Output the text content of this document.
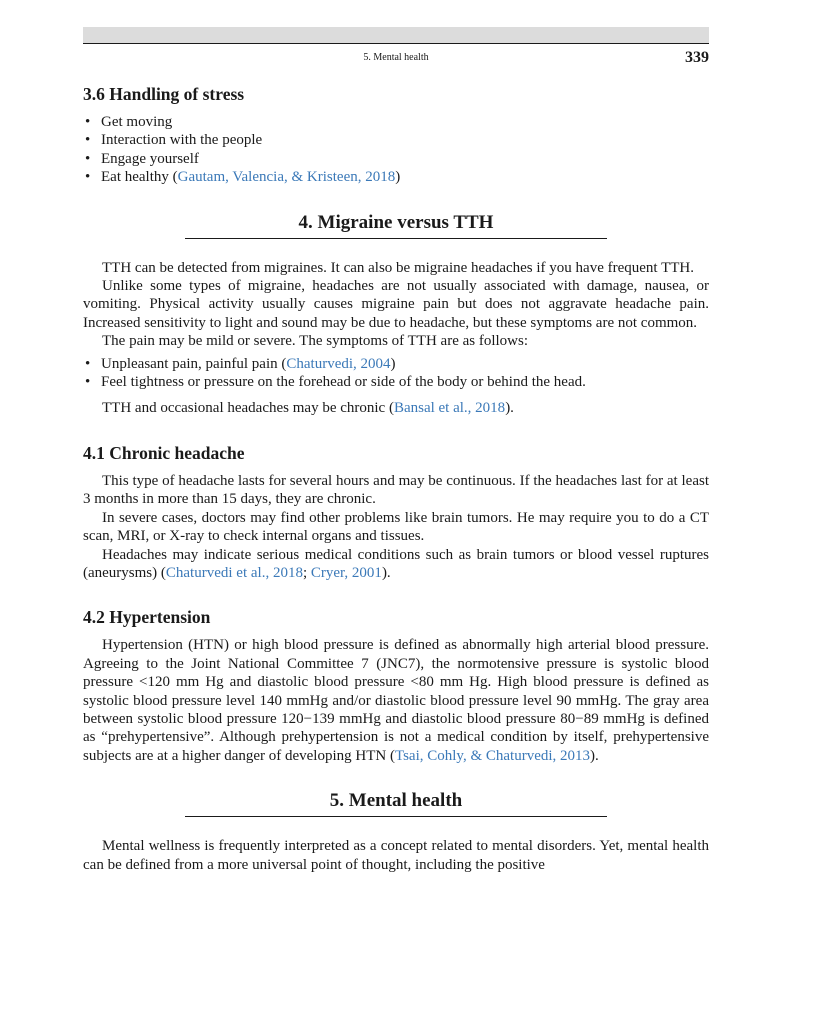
5. Mental health	339
3.6 Handling of stress
• Get moving
• Interaction with the people
• Engage yourself
• Eat healthy (Gautam, Valencia, & Kristeen, 2018)
4. Migraine versus TTH

TTH can be detected from migraines. It can also be migraine headaches if you have frequent TTH.

Unlike some types of migraine, headaches are not usually associated with damage, nausea, or vomiting. Physical activity usually causes migraine pain but does not aggravate headache pain. Increased sensitivity to light and sound may be due to headache, but these symptoms are not common.

The pain may be mild or severe. The symptoms of TTH are as follows:

• Unpleasant pain, painful pain (Chaturvedi, 2004)
• Feel tightness or pressure on the forehead or side of the body or behind the head.

TTH and occasional headaches may be chronic (Bansal et al., 2018).

4.1 Chronic headache

This type of headache lasts for several hours and may be continuous. If the headaches last for at least 3 months in more than 15 days, they are chronic.

In severe cases, doctors may find other problems like brain tumors. He may require you to do a CT scan, MRI, or X-ray to check internal organs and tissues.

Headaches may indicate serious medical conditions such as brain tumors or blood vessel ruptures (aneurysms) (Chaturvedi et al., 2018; Cryer, 2001).

4.2 Hypertension

Hypertension (HTN) or high blood pressure is defined as abnormally high arterial blood pressure. Agreeing to the Joint National Committee 7 (JNC7), the normotensive pressure is systolic blood pressure <120 mm Hg and diastolic blood pressure <80 mm Hg. High blood pressure is defined as systolic blood pressure level 140 mmHg and/or diastolic blood pressure level 90 mmHg. The gray area between systolic blood pressure 120−139 mmHg and diastolic blood pressure 80−89 mmHg is defined as “prehypertensive”. Although prehypertension is not a medical condition by itself, prehypertensive subjects are at a higher danger of developing HTN (Tsai, Cohly, & Chaturvedi, 2013).

5. Mental health

Mental wellness is frequently interpreted as a concept related to mental disorders. Yet, mental health can be defined from a more universal point of thought, including the positive
